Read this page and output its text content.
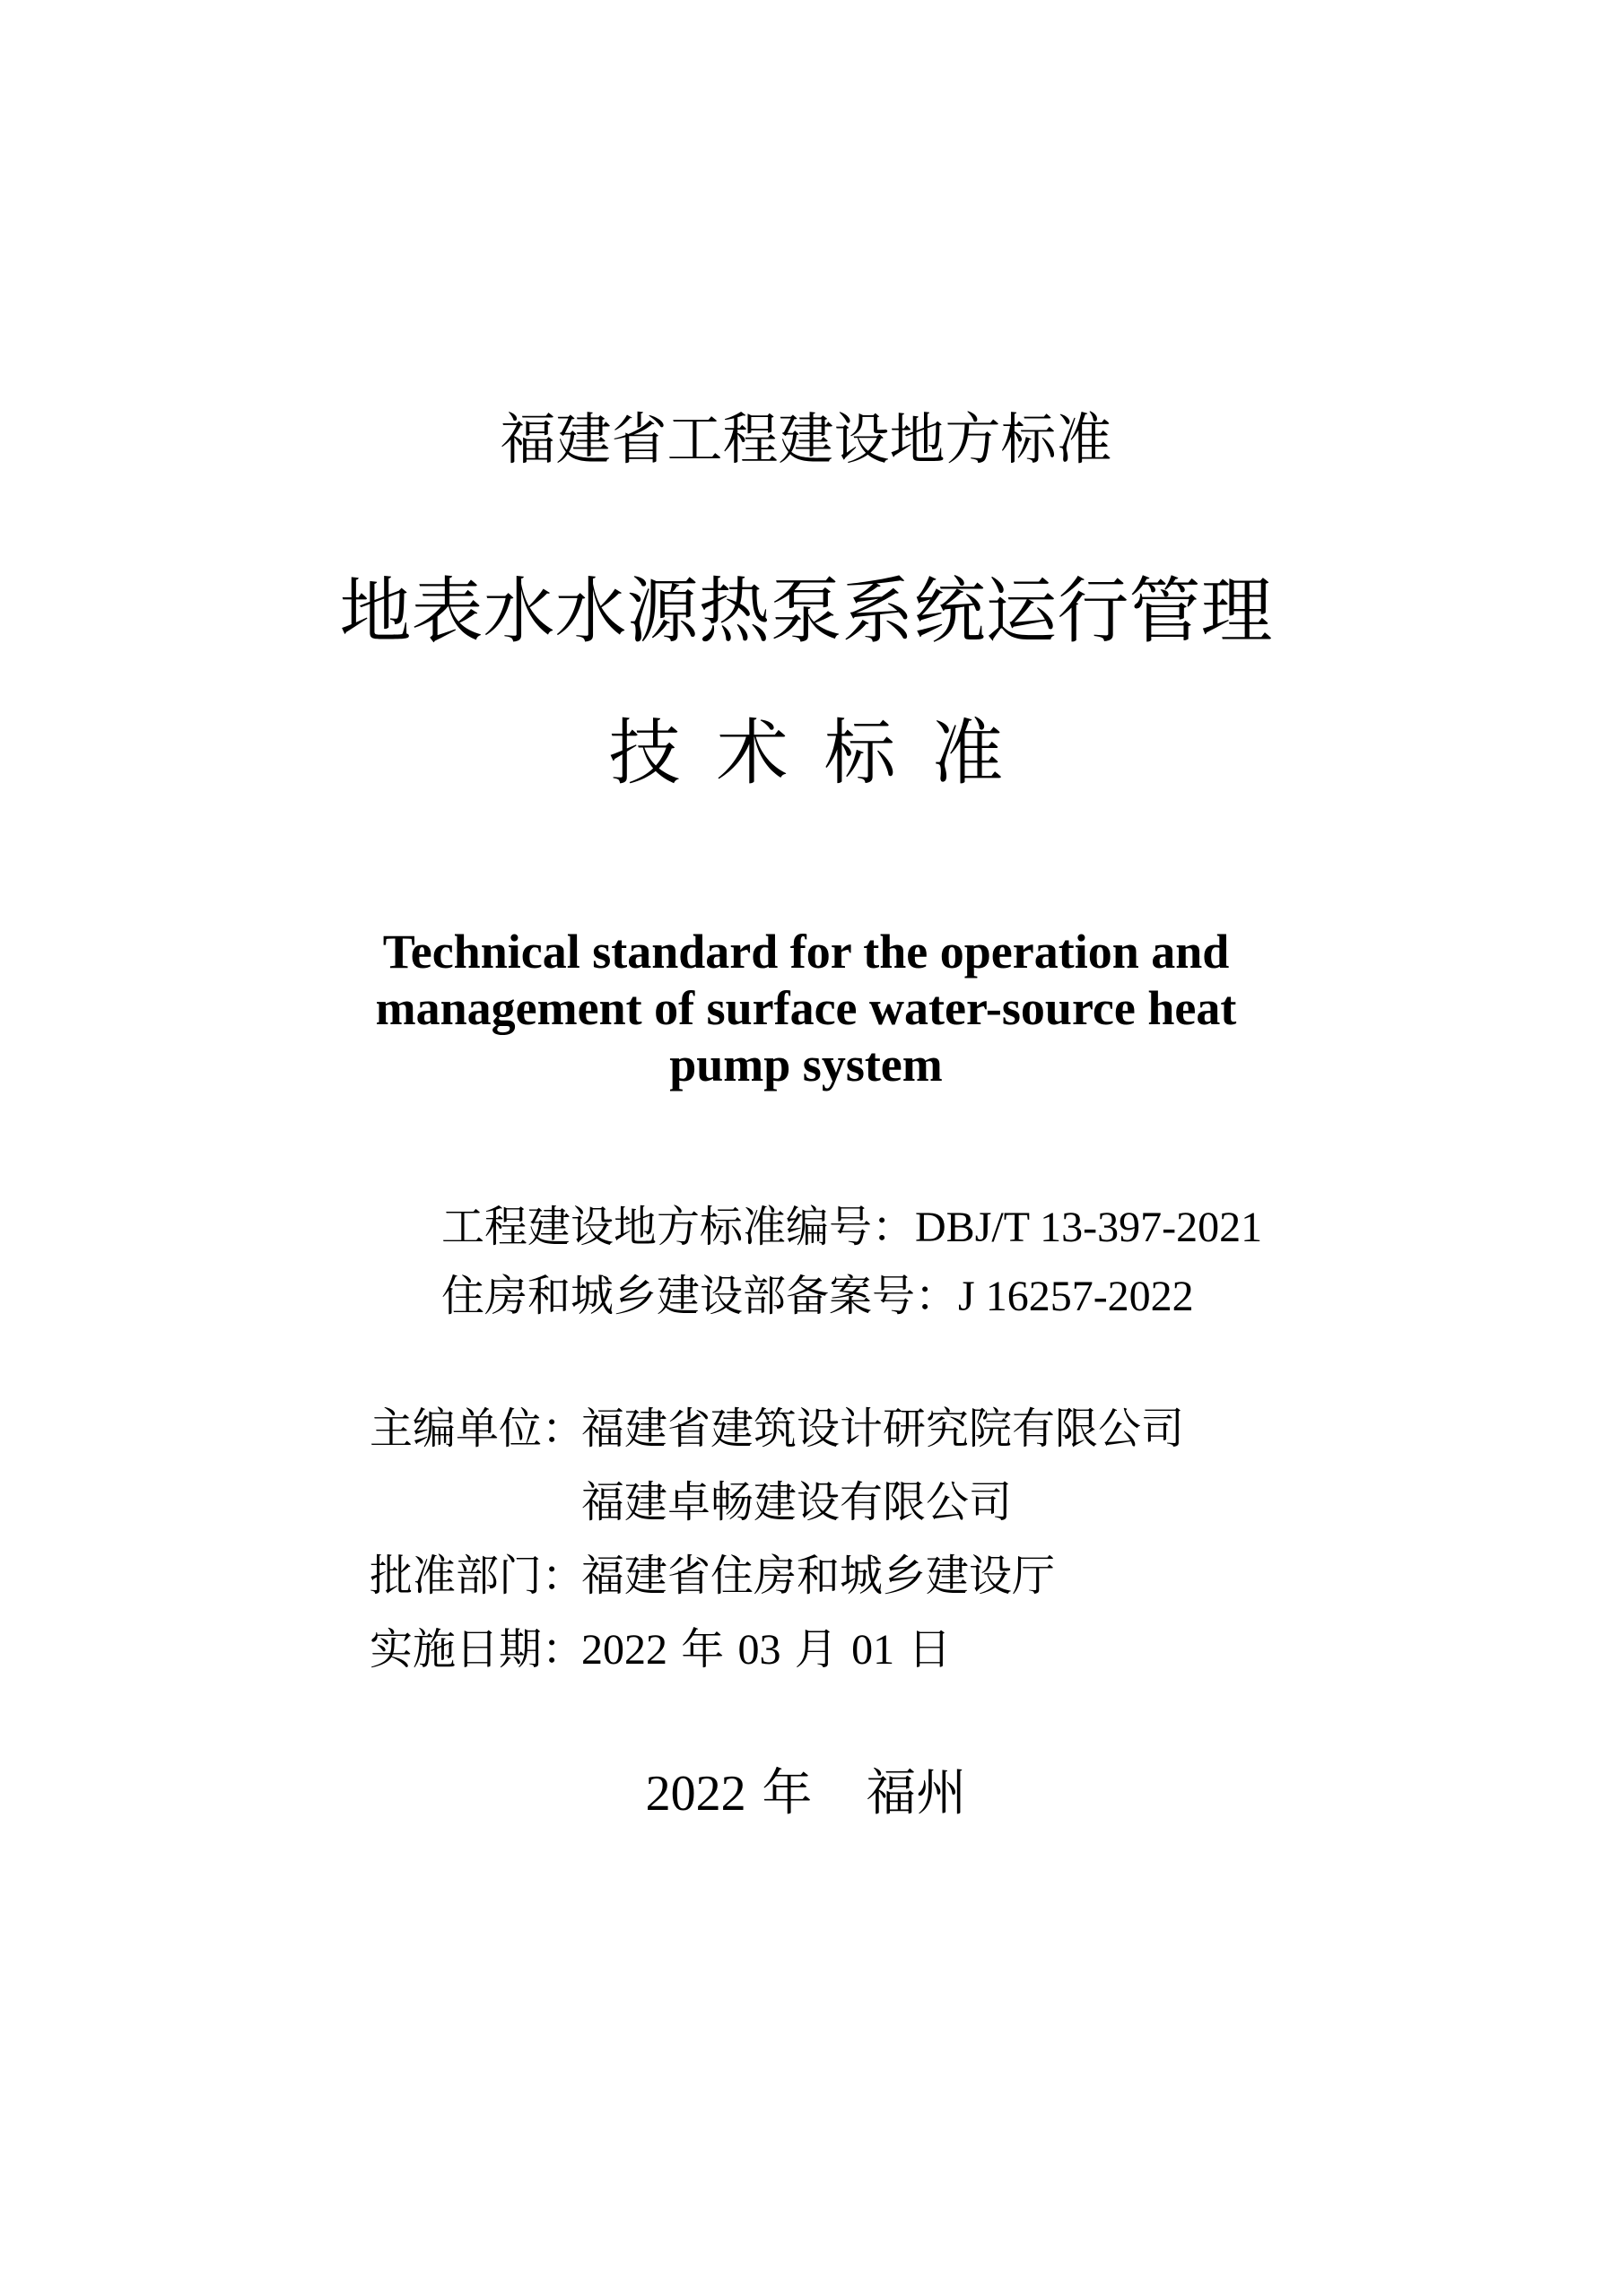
福建省工程建设地方标准
地表水水源热泵系统运行管理
技术标准
Technical standard for the operation and
management of surface water-source heat
pump system
工程建设地方标准编号：DBJ/T 13-397-2021
住房和城乡建设部备案号：J 16257-2022
主编单位：
福建省建筑设计研究院有限公司
福建卓畅建设有限公司
批准部门：
福建省住房和城乡建设厅
实施日期：
2022 年 03 月 01 日
2022 年 福州
